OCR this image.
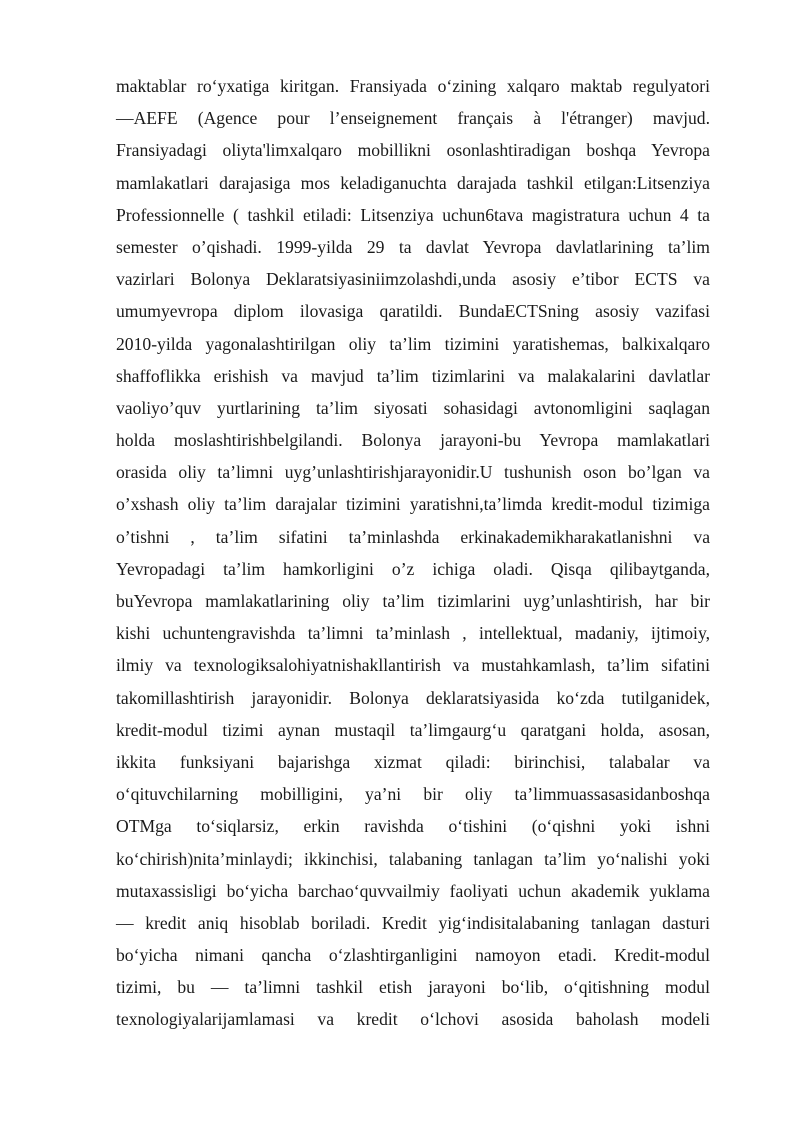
maktablar ro‘yxatiga kiritgan. Fransiyada o‘zining xalqaro maktab regulyatori
—AEFE (Agence pour l’enseignement français à l'étranger) mavjud.
Fransiyadagi oliyta'limxalqaro mobillikni osonlashtiradigan boshqa Yevropa
mamlakatlari darajasiga mos keladiganuchta darajada tashkil etilgan:Litsenziya
Professionnelle ( tashkil etiladi: Litsenziya uchun6tava magistratura uchun 4 ta
semester o’qishadi. 1999-yilda 29 ta davlat Yevropa davlatlarining ta’lim
vazirlari Bolonya Deklaratsiyasiniimzolashdi,unda asosiy e’tibor ECTS va
umumyevropa diplom ilovasiga qaratildi. BundaECTSning asosiy vazifasi
2010-yilda yagonalashtirilgan oliy ta’lim tizimini yaratishemas, balkixalqaro
shaffoflikka erishish va mavjud ta’lim tizimlarini va malakalarini davlatlar
vaoliyo’quv yurtlarining ta’lim siyosati sohasidagi avtonomligini saqlagan
holda moslashtirishbelgilandi. Bolonya jarayoni-bu Yevropa mamlakatlari
orasida oliy ta’limni uyg’unlashtirishjarayonidir.U tushunish oson bo’lgan va
o’xshash oliy ta’lim darajalar tizimini yaratishni,ta’limda kredit-modul tizimiga
o’tishni , ta’lim sifatini ta’minlashda erkinakademikharakatlanishni va
Yevropadagi ta’lim hamkorligini o’z ichiga oladi. Qisqa qilibaytganda,
buYevropa mamlakatlarining oliy ta’lim tizimlarini uyg’unlashtirish, har bir
kishi uchuntengravishda ta’limni ta’minlash , intellektual, madaniy, ijtimoiy,
ilmiy va texnologiksalohiyatnishakllantirish va mustahkamlash, ta’lim sifatini
takomillashtirish jarayonidir. Bolonya deklaratsiyasida ko‘zda tutilganidek,
kredit-modul tizimi aynan mustaqil ta’limgaurg‘u qaratgani holda, asosan,
ikkita funksiyani bajarishga xizmat qiladi: birinchisi, talabalar va
o‘qituvchilarning mobilligini, ya’ni bir oliy ta’limmuassasasidanboshqa
OTMga to‘siqlarsiz, erkin ravishda o‘tishini (o‘qishni yoki ishni
ko‘chirish)nita’minlaydi; ikkinchisi, talabaning tanlagan ta’lim yo‘nalishi yoki
mutaxassisligi bo‘yicha barchao‘quvvailmiy faoliyati uchun akademik yuklama
— kredit aniq hisoblab boriladi. Kredit yig‘indisitalabaning tanlagan dasturi
bo‘yicha nimani qancha o‘zlashtirganligini namoyon etadi. Kredit-modul
tizimi, bu — ta’limni tashkil etish jarayoni bo‘lib, o‘qitishning modul
texnologiyalarijamlamasi va kredit o‘lchovi asosida baholash modeli
